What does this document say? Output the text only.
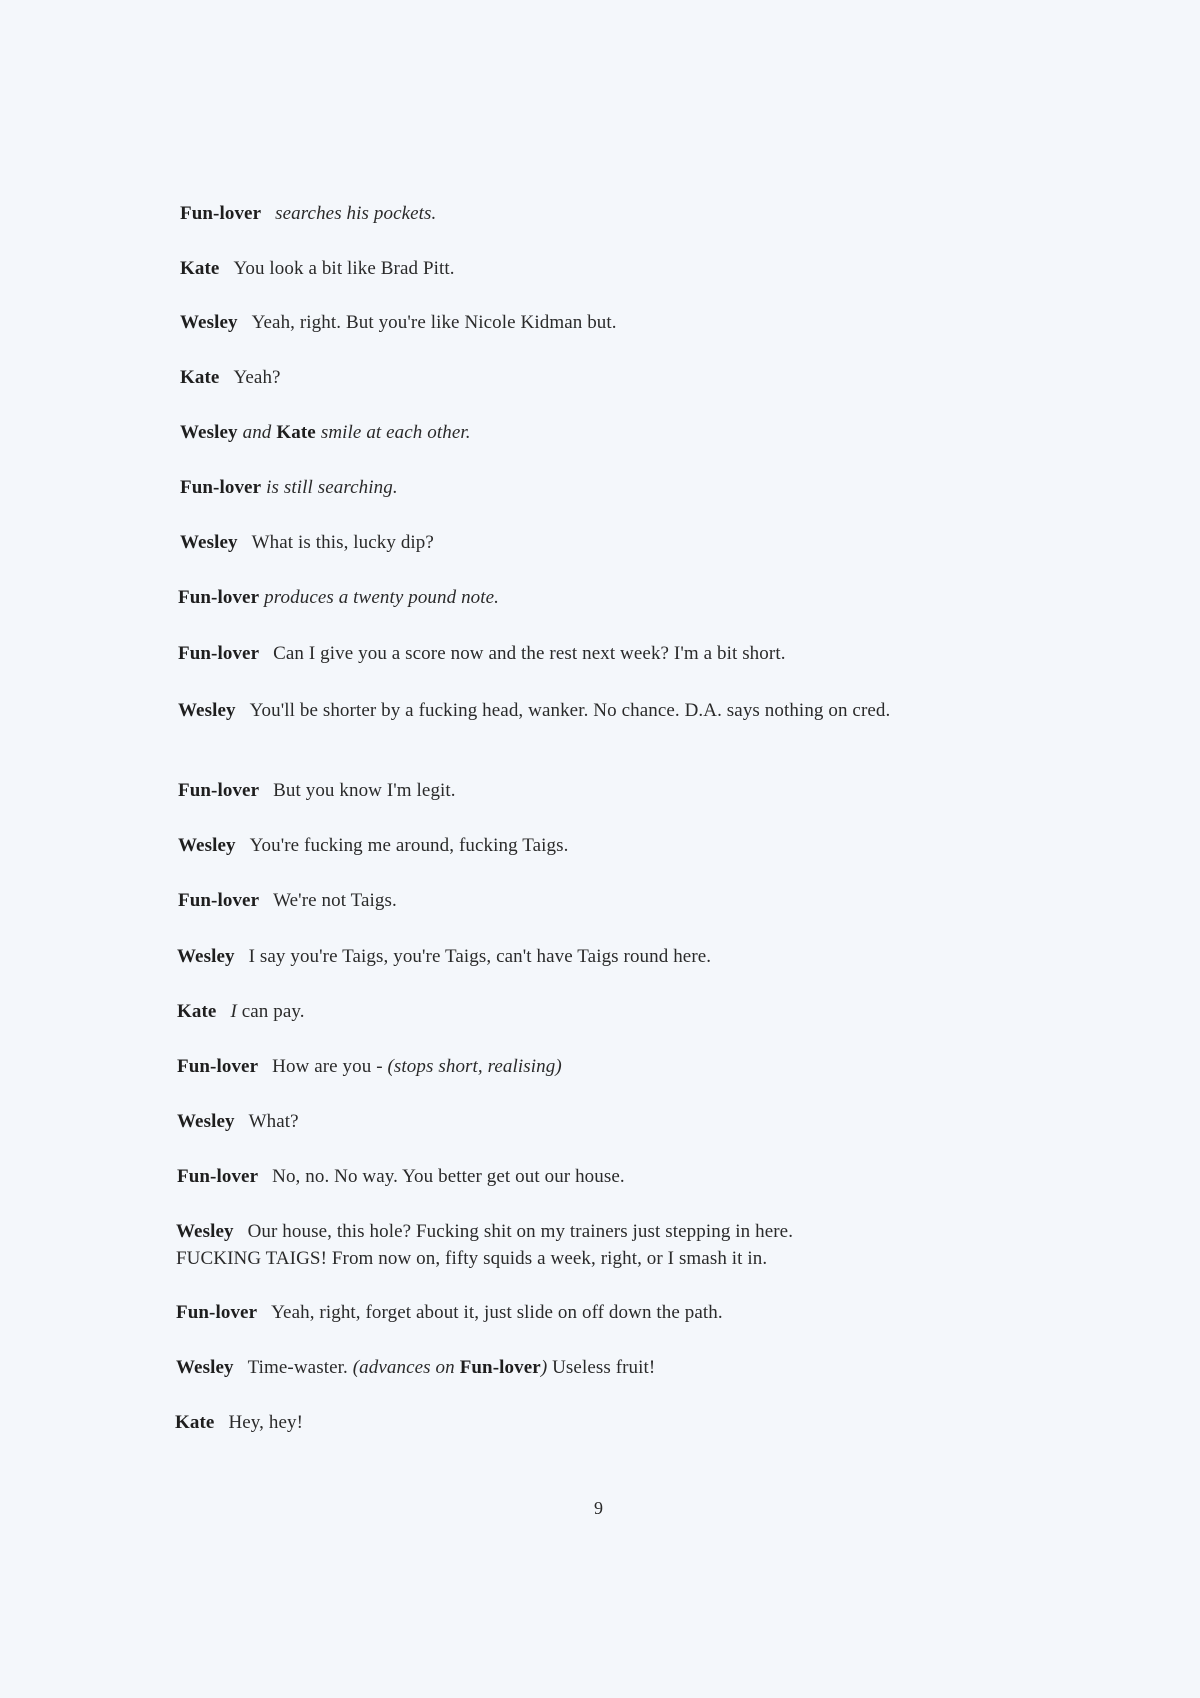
Fun-lover searches his pockets.
Kate You look a bit like Brad Pitt.
Wesley Yeah, right. But you're like Nicole Kidman but.
Kate Yeah?
Wesley and Kate smile at each other.
Fun-lover is still searching.
Wesley What is this, lucky dip?
Fun-lover produces a twenty pound note.
Fun-lover Can I give you a score now and the rest next week? I'm a bit short.
Wesley You'll be shorter by a fucking head, wanker. No chance. D.A. says nothing on cred.
Fun-lover But you know I'm legit.
Wesley You're fucking me around, fucking Taigs.
Fun-lover We're not Taigs.
Wesley I say you're Taigs, you're Taigs, can't have Taigs round here.
Kate I can pay.
Fun-lover How are you - (stops short, realising)
Wesley What?
Fun-lover No, no. No way. You better get out our house.
Wesley Our house, this hole? Fucking shit on my trainers just stepping in here.
FUCKING TAIGS! From now on, fifty squids a week, right, or I smash it in.
Fun-lover Yeah, right, forget about it, just slide on off down the path.
Wesley Time-waster. (advances on Fun-lover) Useless fruit!
Kate Hey, hey!
9
